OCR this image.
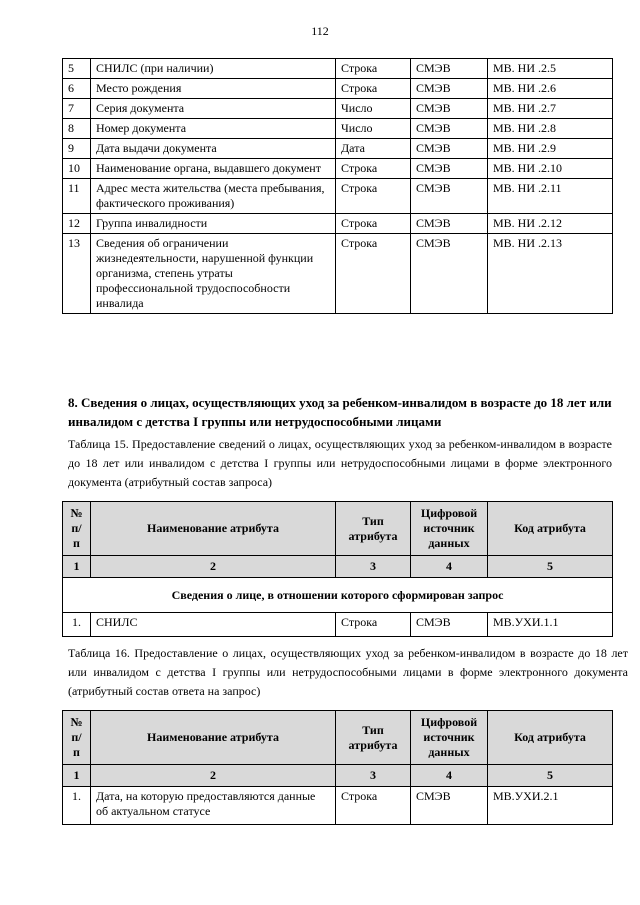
112
5	СНИЛС (при наличии)	Строка	СМЭВ	МВ. НИ .2.5
6	Место рождения	Строка	СМЭВ	МВ. НИ .2.6
7	Серия документа	Число	СМЭВ	МВ. НИ .2.7
8	Номер документа	Число	СМЭВ	МВ. НИ .2.8
9	Дата выдачи документа	Дата	СМЭВ	МВ. НИ .2.9
10	Наименование органа, выдавшего документ	Строка	СМЭВ	МВ. НИ .2.10
11	Адрес места жительства (места пребывания, фактического проживания)	Строка	СМЭВ	МВ. НИ .2.11
12	Группа инвалидности	Строка	СМЭВ	МВ. НИ .2.12
13	Сведения об ограничении жизнедеятельности, нарушенной функции организма, степень утраты профессиональной трудоспособности инвалида	Строка	СМЭВ	МВ. НИ .2.13
8. Сведения о лицах, осуществляющих уход за ребенком-инвалидом в возрасте до 18 лет или инвалидом с детства I группы или нетрудоспособными лицами
Таблица 15. Предоставление сведений о лицах, осуществляющих уход за ребенком-инвалидом в возрасте до 18 лет или инвалидом с детства I группы или нетрудоспособными лицами в форме электронного документа (атрибутный состав запроса)
№ п/п	Наименование атрибута	Тип атрибута	Цифровой источник данных	Код атрибута
1	2	3	4	5
Сведения о лице, в отношении которого сформирован запрос				
1.	СНИЛС	Строка	СМЭВ	МВ.УХИ.1.1
Таблица 16. Предоставление о лицах, осуществляющих уход за ребенком-инвалидом в возрасте до 18 лет или инвалидом с детства I группы или нетрудоспособными лицами в форме электронного документа (атрибутный состав ответа на запрос)
№ п/п	Наименование атрибута	Тип атрибута	Цифровой источник данных	Код атрибута
1	2	3	4	5
1.	Дата, на которую предоставляются данные об актуальном статусе	Строка	СМЭВ	МВ.УХИ.2.1
